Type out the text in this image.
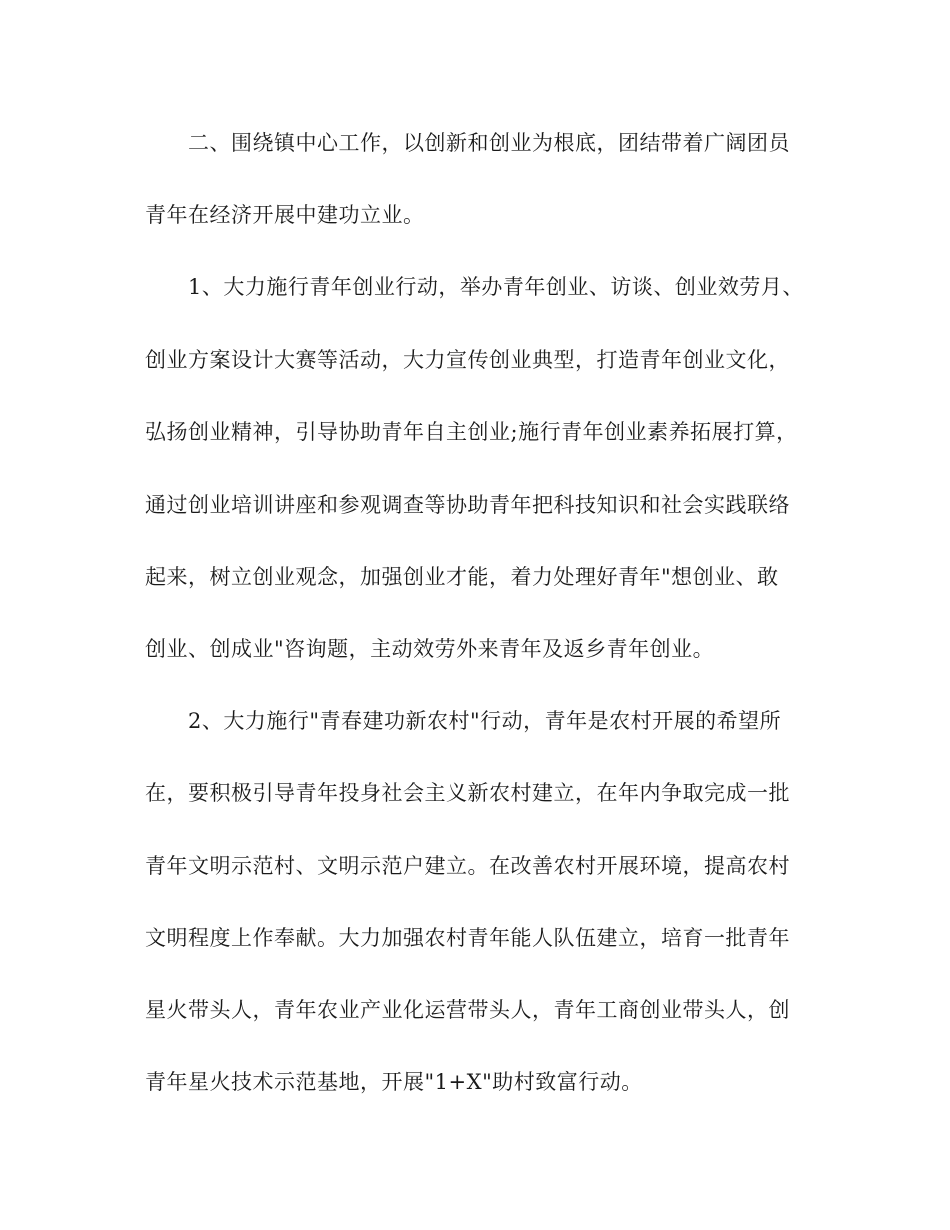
二、围绕镇中心工作，以创新和创业为根底，团结带着广阔团员
青年在经济开展中建功立业。
1、大力施行青年创业行动，举办青年创业、访谈、创业效劳月、
创业方案设计大赛等活动，大力宣传创业典型，打造青年创业文化，
弘扬创业精神，引导协助青年自主创业;施行青年创业素养拓展打算，
通过创业培训讲座和参观调查等协助青年把科技知识和社会实践联络
起来，树立创业观念，加强创业才能，着力处理好青年"想创业、敢
创业、创成业"咨询题，主动效劳外来青年及返乡青年创业。
2、大力施行"青春建功新农村"行动，青年是农村开展的希望所
在，要积极引导青年投身社会主义新农村建立，在年内争取完成一批
青年文明示范村、文明示范户建立。在改善农村开展环境，提高农村
文明程度上作奉献。大力加强农村青年能人队伍建立，培育一批青年
星火带头人，青年农业产业化运营带头人，青年工商创业带头人，创
青年星火技术示范基地，开展"1+X"助村致富行动。
